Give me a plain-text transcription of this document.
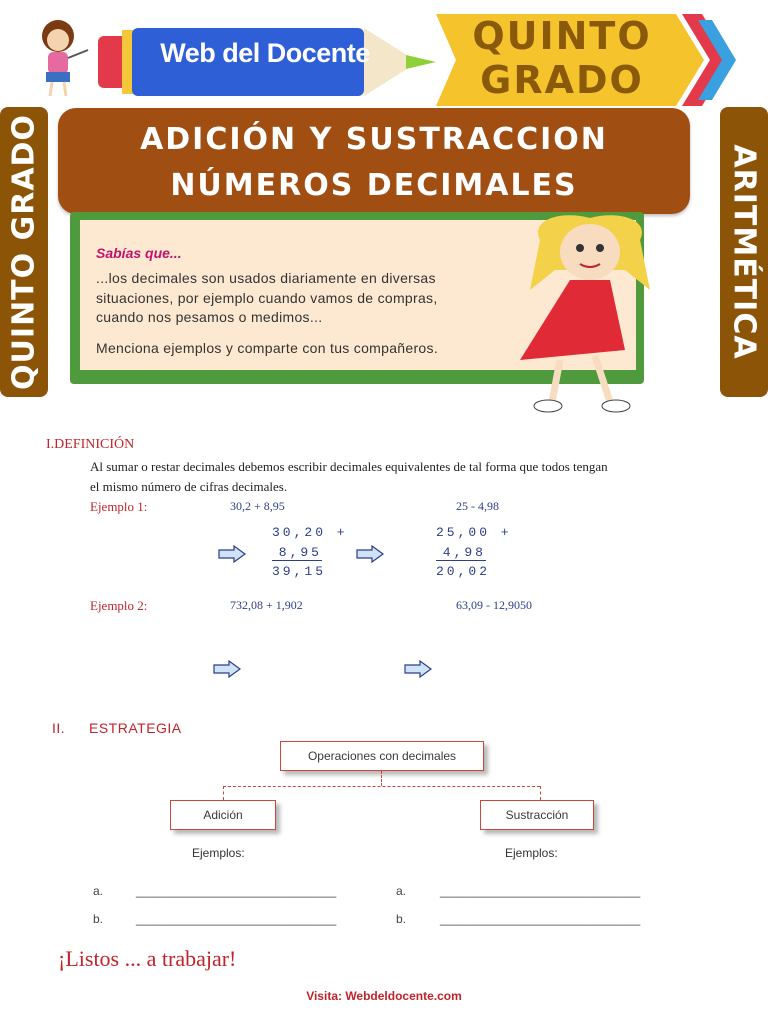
Web del Docente	QUINTO
GRADO
QUINTO GRADO	ARITMÉTICA
ADICIÓN Y SUSTRACCION
NÚMEROS DECIMALES
Sabías que...
...los decimales son usados diariamente en diversas
situaciones, por ejemplo cuando vamos de compras,
cuando nos pesamos o medimos...
Menciona ejemplos y comparte con tus compañeros.
I.DEFINICIÓN
Al sumar o restar decimales debemos escribir decimales equivalentes de tal forma que todos tengan
el mismo número de cifras decimales.
Ejemplo 1:	30,2 + 8,95	25 - 4,98
30,20 +
8,95
39,15
25,00 +
4,98
20,02
Ejemplo 2:	732,08 + 1,902	63,09 - 12,9050
II. ESTRATEGIA
Operaciones con decimales
Adición	Sustracción
Ejemplos:	Ejemplos:
a.	______________________________	a.	______________________________
b.	______________________________	b.	______________________________
¡Listos ... a trabajar!
Visita: Webdeldocente.com
